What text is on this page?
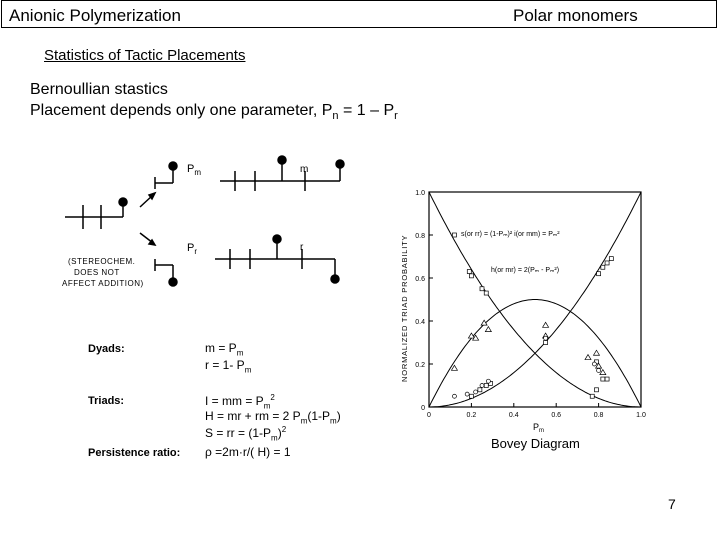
Anionic Polymerization	Polar monomers
Statistics of Tactic Placements
Bernoullian stastics
Placement depends only one parameter, $P_n = 1 - P_r$
$P_m$
$P_r$
m
r
(STEREOCHEM.
DOES NOT
AFFECT ADDITION)
Dyads:	$m = P_m$
r = 1- $P_m$
Triads:	I = mm = $P_m^2$
H = mr + rm = 2 $P_m(1-P_m)$
S = rr = $(1-P_m)^2$
Persistence ratio: ρ =2m·r/( H) = 1
NORMALIZED TRIAD PROBABILITY
0
0.2
0.4
0.6
0.8
1.0
0	0.2	0.4	0.6	0.8	1.0
s(or rr) = (1-Pₘ)² i(or mm) = Pₘ²
h(or mr) = 2(Pₘ - Pₘ²)
$P_m$
Bovey Diagram
7
